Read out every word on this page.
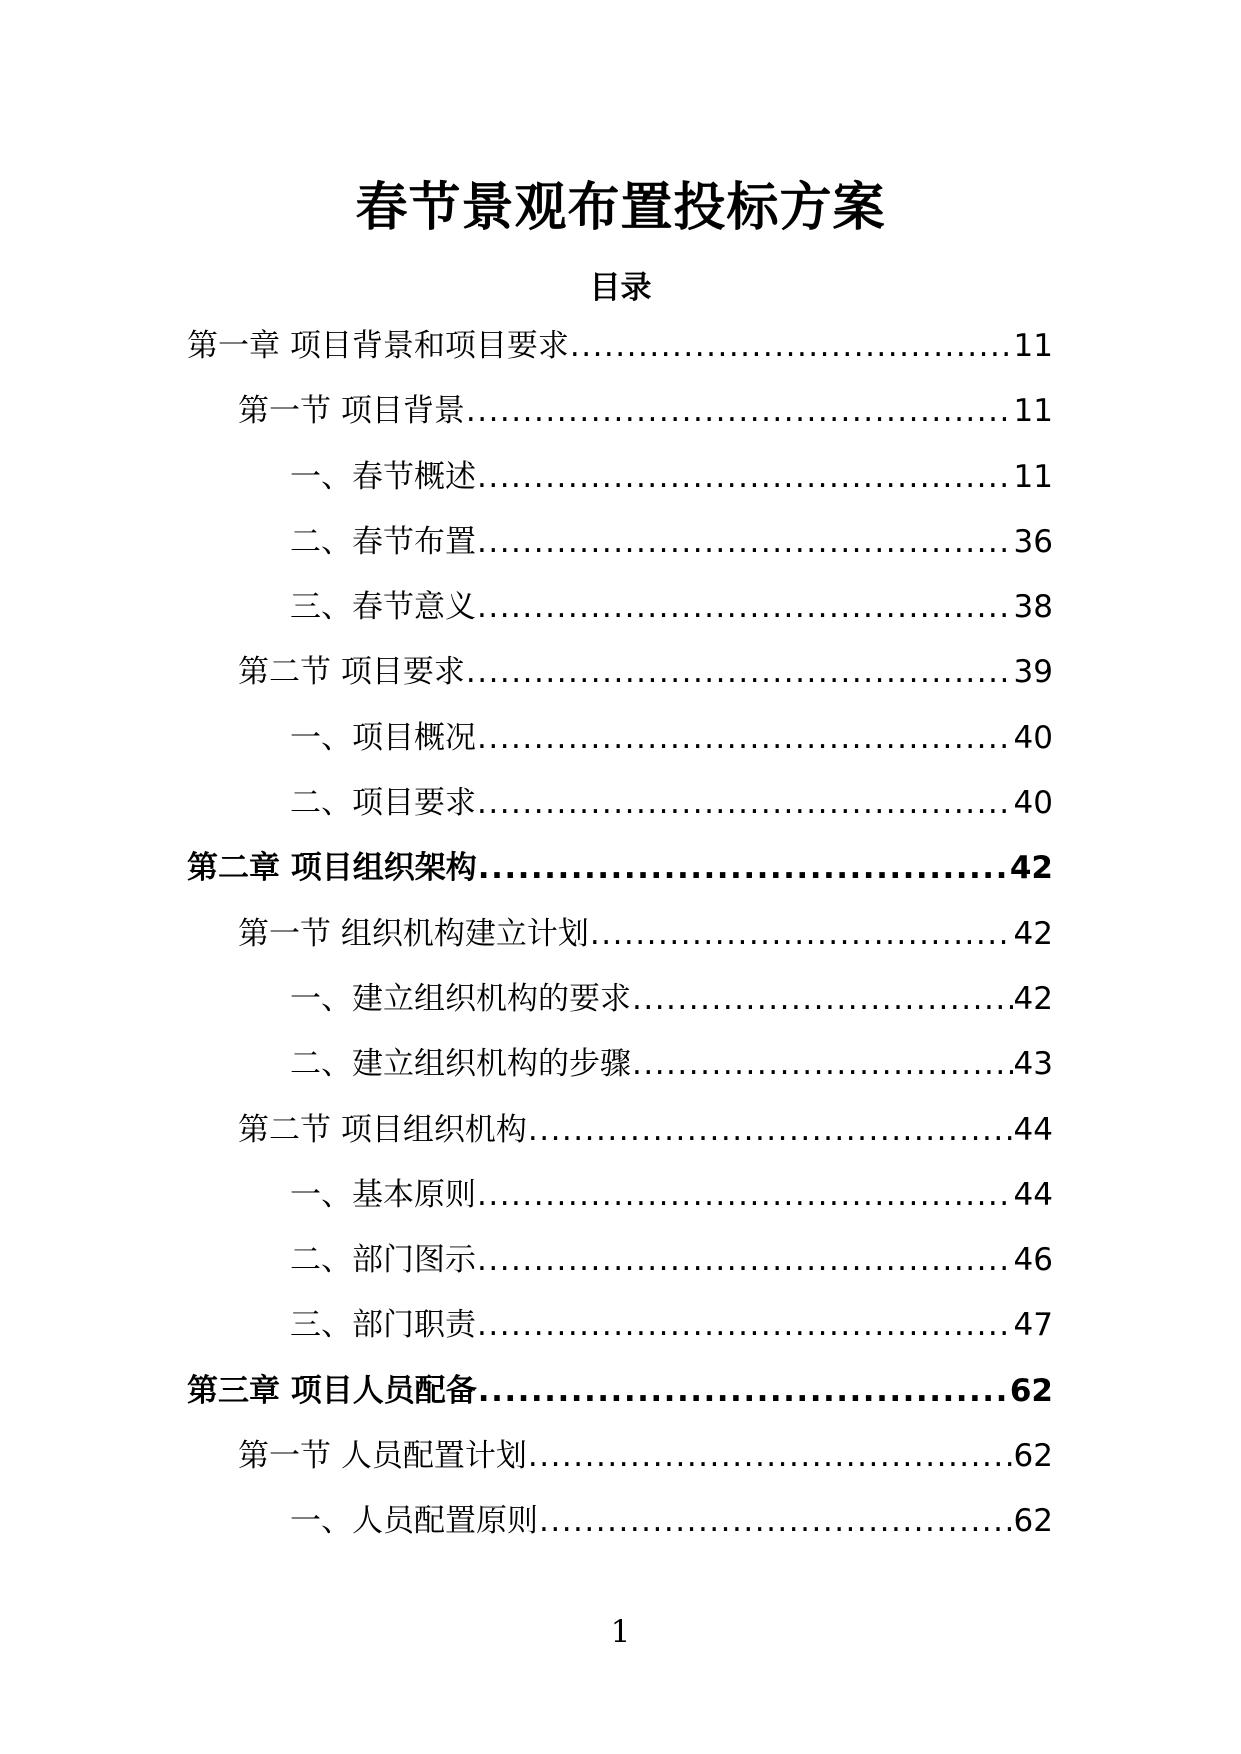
春节景观布置投标方案
目录
第一章 项目背景和项目要求 .....	11
第一节 项目背景 .....	11
一、春节概述 .....	11
二、春节布置 .....	36
三、春节意义 .....	38
第二节 项目要求 .....	39
一、项目概况 .....	40
二、项目要求 .....	40
第二章 项目组织架构 .....	42
第一节 组织机构建立计划 .....	42
一、建立组织机构的要求 .....	42
二、建立组织机构的步骤 .....	43
第二节 项目组织机构 .....	44
一、基本原则 .....	44
二、部门图示 .....	46
三、部门职责 .....	47
第三章 项目人员配备 .....	62
第一节 人员配置计划 .....	62
一、人员配置原则 .....	62
1
